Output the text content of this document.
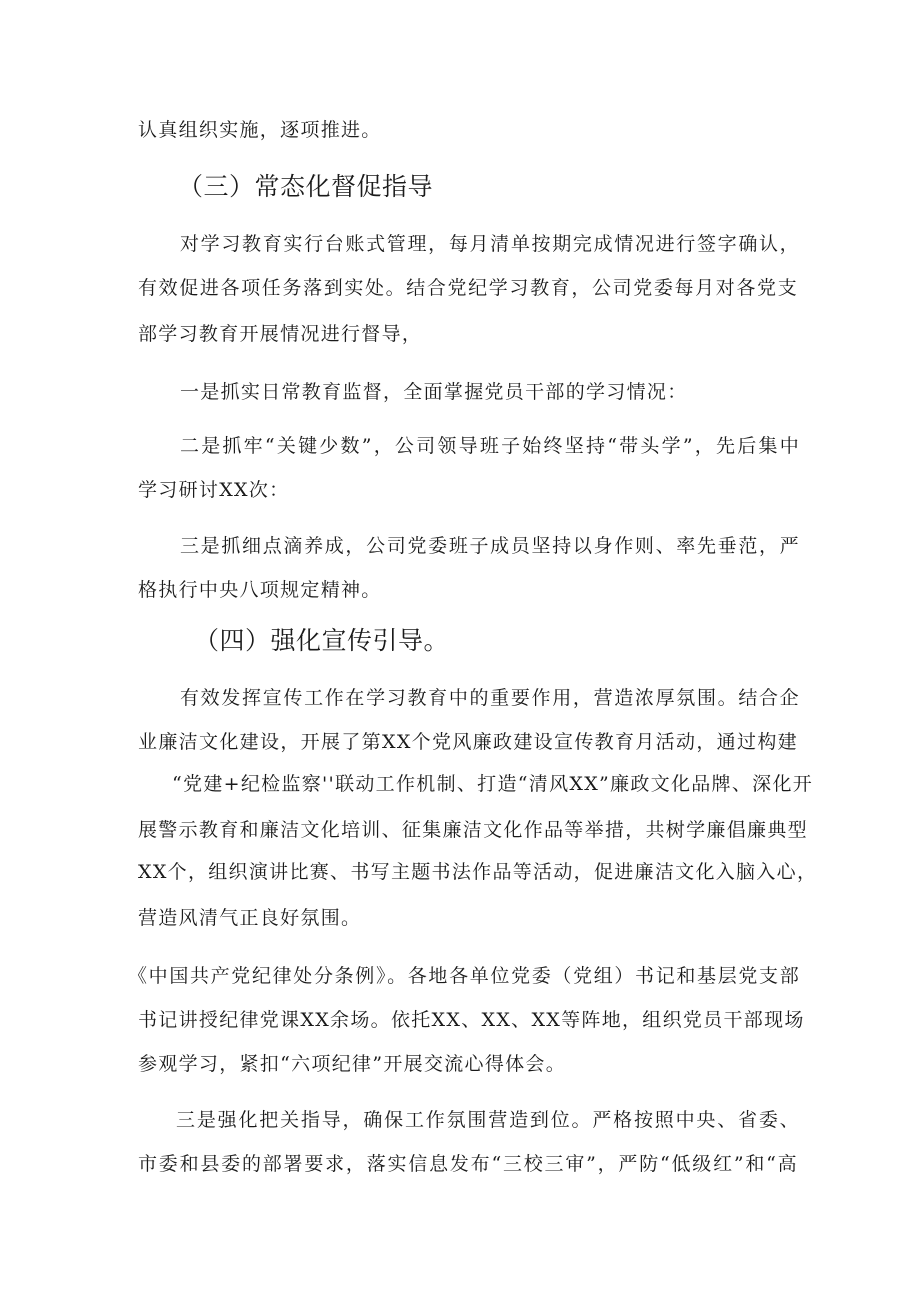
认真组织实施，逐项推进。
（三）常态化督促指导
对学习教育实行台账式管理，每月清单按期完成情况进行签字确认，
有效促进各项任务落到实处。结合党纪学习教育，公司党委每月对各党支
部学习教育开展情况进行督导，
一是抓实日常教育监督，全面掌握党员干部的学习情况：
二是抓牢“关键少数”，公司领导班子始终坚持“带头学”，先后集中
学习研讨XX次：
三是抓细点滴养成，公司党委班子成员坚持以身作则、率先垂范，严
格执行中央八项规定精神。
（四）强化宣传引导。
有效发挥宣传工作在学习教育中的重要作用，营造浓厚氛围。结合企
业廉洁文化建设，开展了第XX个党风廉政建设宣传教育月活动，通过构建
“党建+纪检监察''联动工作机制、打造“清风XX”廉政文化品牌、深化开
展警示教育和廉洁文化培训、征集廉洁文化作品等举措，共树学廉倡廉典型
XX个，组织演讲比赛、书写主题书法作品等活动，促进廉洁文化入脑入心，
营造风清气正良好氛围。
《中国共产党纪律处分条例》。各地各单位党委（党组）书记和基层党支部
书记讲授纪律党课XX余场。依托XX、XX、XX等阵地，组织党员干部现场
参观学习，紧扣“六项纪律”开展交流心得体会。
三是强化把关指导，确保工作氛围营造到位。严格按照中央、省委、
市委和县委的部署要求，落实信息发布“三校三审”，严防“低级红”和“高
